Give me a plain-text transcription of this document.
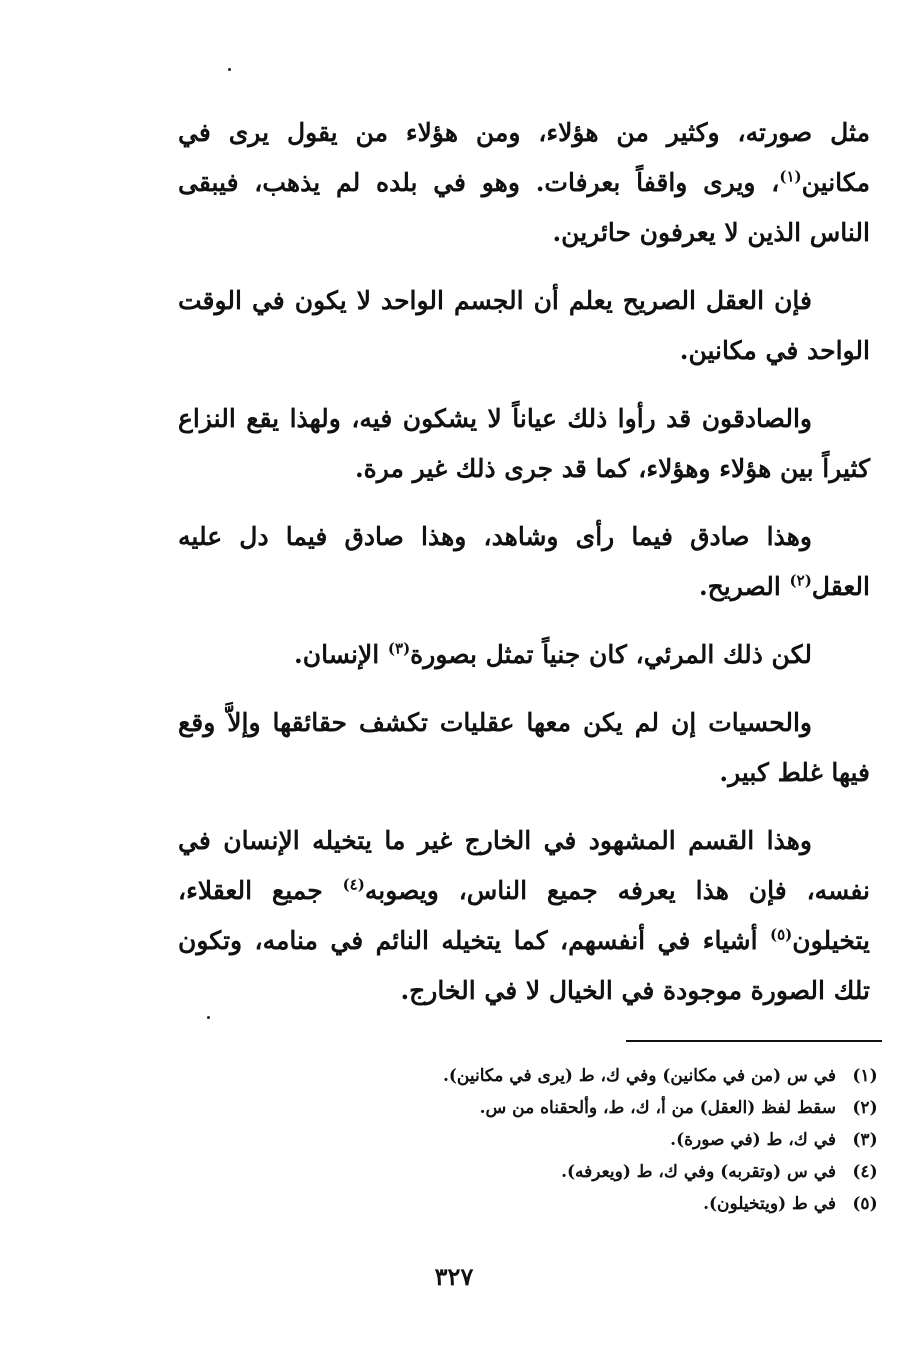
مثل صورته، وكثير من هؤلاء، ومن هؤلاء من يقول يرى في مكانين$^{(١)}$، ويرى واقفاً بعرفات. وهو في بلده لم يذهب، فيبقى الناس الذين لا يعرفون حائرين.

فإن العقل الصريح يعلم أن الجسم الواحد لا يكون في الوقت الواحد في مكانين.

والصادقون قد رأوا ذلك عياناً لا يشكون فيه، ولهذا يقع النزاع كثيراً بين هؤلاء وهؤلاء، كما قد جرى ذلك غير مرة.

وهذا صادق فيما رأى وشاهد، وهذا صادق فيما دل عليه العقل$^{(٢)}$ الصريح.

لكن ذلك المرئي، كان جنياً تمثل بصورة$^{(٣)}$ الإنسان.

والحسيات إن لم يكن معها عقليات تكشف حقائقها وإلاَّ وقع فيها غلط كبير.

وهذا القسم المشهود في الخارج غير ما يتخيله الإنسان في نفسه، فإن هذا يعرفه جميع الناس، ويصوبه$^{(٤)}$ جميع العقلاء، يتخيلون$^{(٥)}$ أشياء في أنفسهم، كما يتخيله النائم في منامه، وتكون تلك الصورة موجودة في الخيال لا في الخارج.

(١)
في س (من في مكانين) وفي ك، ط (يرى في مكانين).
(٢)
سقط لفظ (العقل) من أ، ك، ط، وألحقناه من س.
(٣)
في ك، ط (في صورة).
(٤)
في س (وتقربه) وفي ك، ط (ويعرفه).
(٥)
في ط (ويتخيلون).
٣٢٧
